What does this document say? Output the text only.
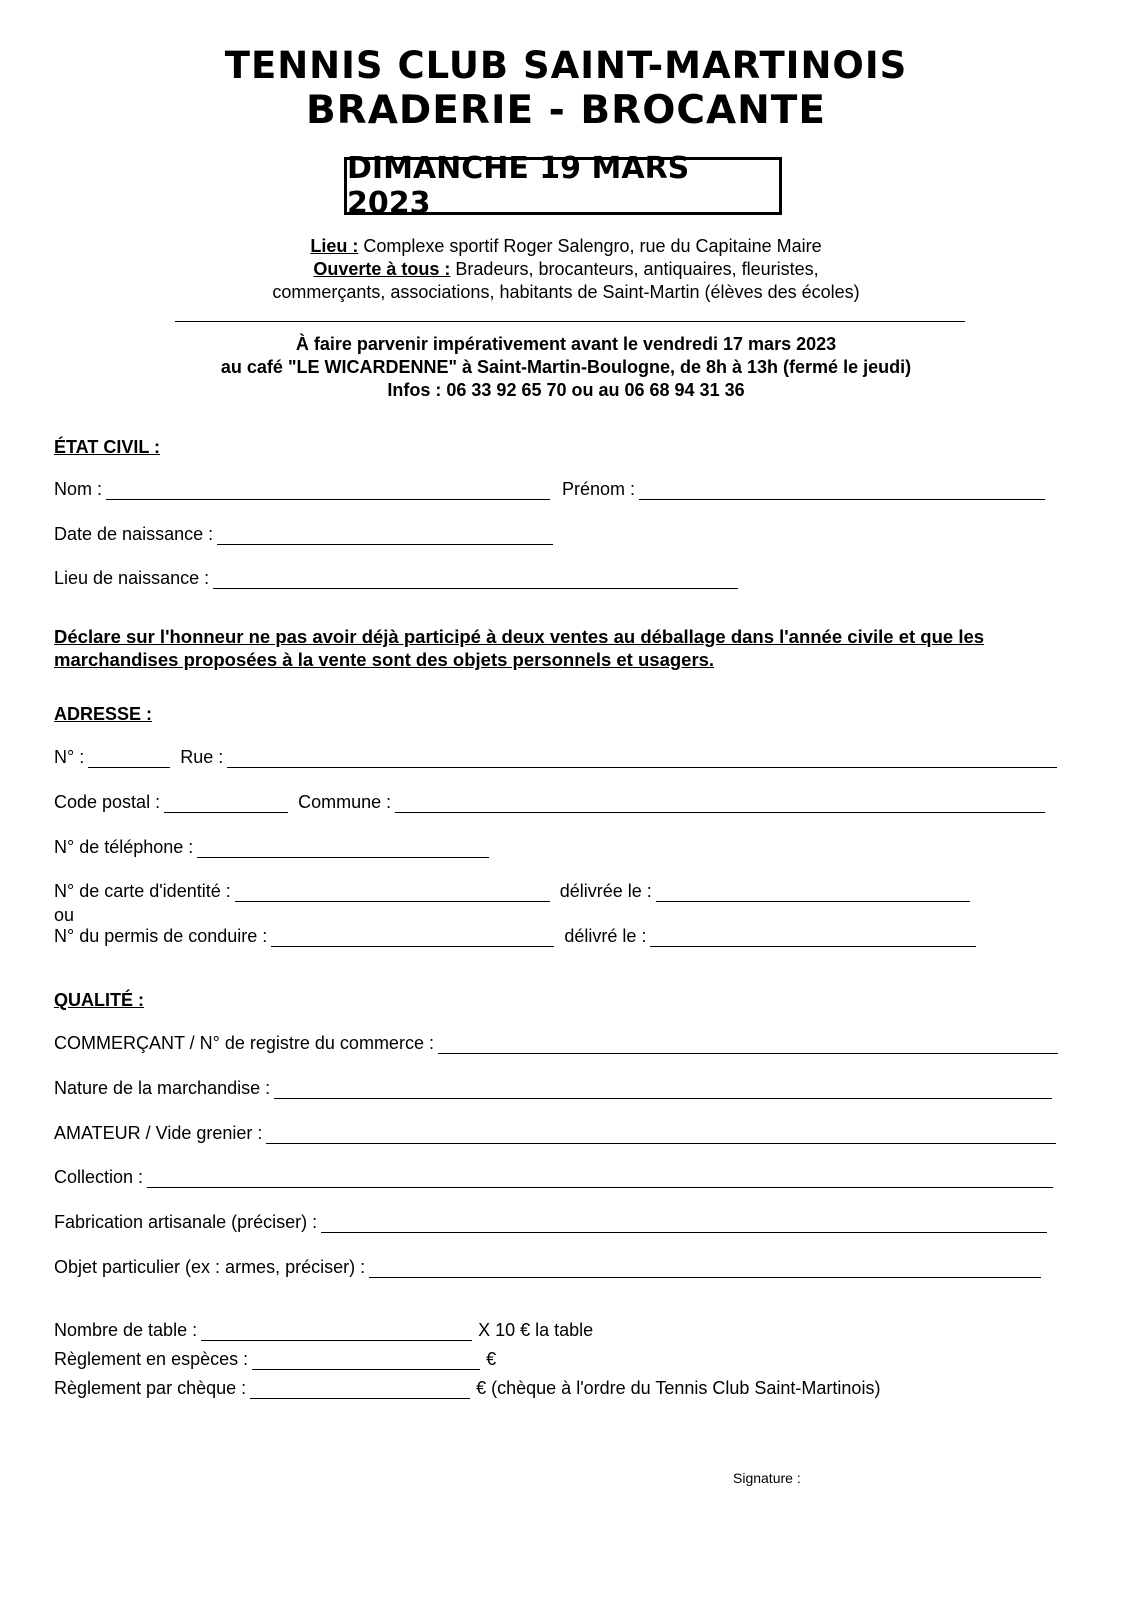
TENNIS CLUB SAINT-MARTINOIS
BRADERIE - BROCANTE
DIMANCHE 19 MARS 2023
Lieu : Complexe sportif Roger Salengro, rue du Capitaine Maire
Ouverte à tous : Bradeurs, brocanteurs, antiquaires, fleuristes,
commerçants, associations, habitants de Saint-Martin (élèves des écoles)
À faire parvenir impérativement avant le vendredi 17 mars 2023
au café "LE WICARDENNE" à Saint-Martin-Boulogne, de 8h à 13h (fermé le jeudi)
Infos : 06 33 92 65 70 ou au 06 68 94 31 36
ÉTAT CIVIL :
Nom :	Prénom :
Date de naissance :
Lieu de naissance :
Déclare sur l'honneur ne pas avoir déjà participé à deux ventes au déballage dans l'année civile et que les marchandises proposées à la vente sont des objets personnels et usagers.
ADRESSE :
N° :	Rue :
Code postal :	Commune :
N° de téléphone :
N° de carte d'identité :	délivrée le :
ou
N° du permis de conduire :	délivré le :
QUALITÉ :
COMMERÇANT / N° de registre du commerce :
Nature de la marchandise :
AMATEUR / Vide grenier :
Collection :
Fabrication artisanale (préciser) :
Objet particulier (ex : armes, préciser) :
Nombre de table :	X 10 € la table
Règlement en espèces :	€
Règlement par chèque :	€ (chèque à l'ordre du Tennis Club Saint-Martinois)
Signature :
